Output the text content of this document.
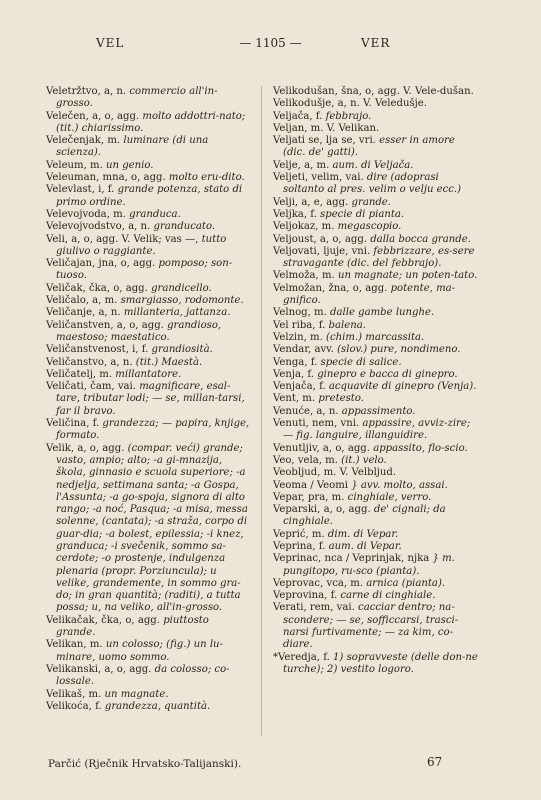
VEL	— 1105 —	VER

Veletržtvo, a, n. commercio all'in-grosso.

Velečen, a, o, agg. molto addottri-nato; (tit.) chiarissimo.

Velečenjak, m. luminare (di una scienza).

Veleum, m. un genio.

Veleuman, mna, o, agg. molto eru-dito.

Velevlast, i, f. grande potenza, stato di primo ordine.

Velevojvoda, m. granduca.

Velevojvodstvo, a, n. granducato.

Veli, a, o, agg. V. Velik; vas —, tutto giulivo o raggiante.

Veličajan, jna, o, agg. pomposo; son-tuoso.

Veličak, čka, o, agg. grandicello.

Veličalo, a, m. smargiasso, rodomonte.

Veličanje, a, n. millanteria, jattanza.

Veličanstven, a, o, agg. grandioso, maestoso; maestatico.

Veličanstvenost, i, f. grandiosità.

Veličanstvo, a, n. (tit.) Maestà.

Veličatelj, m. millantatore.

Veličati, čam, vai. magnificare, esal-tare, tributar lodi; — se, millan-tarsi, far il bravo.

Veličina, f. grandezza; — papira, knjige, formato.

Velik, a, o, agg. (compar. veći) grande; vasto, ampio; alto; -a gi-mnazija, škola, ginnasio e scuola superiore; -a nedjelja, settimana santa; -a Gospa, l'Assunta; -a go-spoja, signora di alto rango; -a noć, Pasqua; -a misa, messa solenne, (cantata); -a straža, corpo di guar-dia; -a bolest, epilessia; -i knez, granduca; -i svečenik, sommo sa-cerdote; -o prostenje, indulgenza plenaria (propr. Porziuncula); u velike, grandemente, in sommo gra-do; in gran quantità; (raditi), a tutta possa; u, na veliko, all'in-grosso.

Velikačak, čka, o, agg. piuttosto grande.

Velikan, m. un colosso; (fig.) un lu-minare, uomo sommo.

Velikanski, a, o, agg. da colosso; co-lossale.

Velikaš, m. un magnate.

Velikoća, f. grandezza, quantità.

Velikodušan, šna, o, agg. V. Vele-dušan.

Velikodušje, a, n. V. Veledušje.

Veljača, f. febbrajo.

Veljan, m. V. Velikan.

Veljati se, lja se, vri. esser in amore (dic. de' gatti).

Velje, a, m. aum. di Veljača.

Veljeti, velim, vai. dire (adoprasi soltanto al pres. velim o velju ecc.)

Velji, a, e, agg. grande.

Veljka, f. specie di pianta.

Veljokaz, m. megascopio.

Veljoust, a, o, agg. dalla bocca grande.

Veljovati, ljuje, vni. febbrizzare, es-sere stravagante (dic. del febbrajo).

Velmoža, m. un magnate; un poten-tato.

Velmožan, žna, o, agg. potente, ma-gnifico.

Velnog, m. dalle gambe lunghe.

Vel riba, f. balena.

Velzin, m. (chim.) marcassita.

Vendar, avv. (slov.) pure, nondimeno.

Venga, f. specie di salice.

Venja, f. ginepro e bacca di ginepro.

Venjača, f. acquavite di ginepro (Venja).

Vent, m. pretesto.

Venuće, a, n. appassimento.

Venuti, nem, vni. appassire, avviz-zire; — fig. languire, illanguidire.

Venutljiv, a, o, agg. appassito, flo-scio.

Veo, vela, m. (it.) velo.

Veobljud, m. V. Velbljud.

Veoma / Veomi } avv. molto, assai.

Vepar, pra, m. cinghiale, verro.

Veparski, a, o, agg. de' cignali; da cinghiale.

Veprić, m. dim. di Vepar.

Veprina, f. aum. di Vepar.

Veprinac, nca / Veprinjak, njka } m. pungitopo, ru-sco (pianta).

Veprovac, vca, m. arnica (pianta).

Veprovina, f. carne di cinghiale.

Verati, rem, vai. cacciar dentro; na-scondere; — se, sofficcarsi, trasci-narsi furtivamente; — za kim, co-diare.

*Veredja, f. 1) sopravveste (delle don-ne turche); 2) vestito logoro.

Parčić (Rječnik Hrvatsko-Talijanski).	67
